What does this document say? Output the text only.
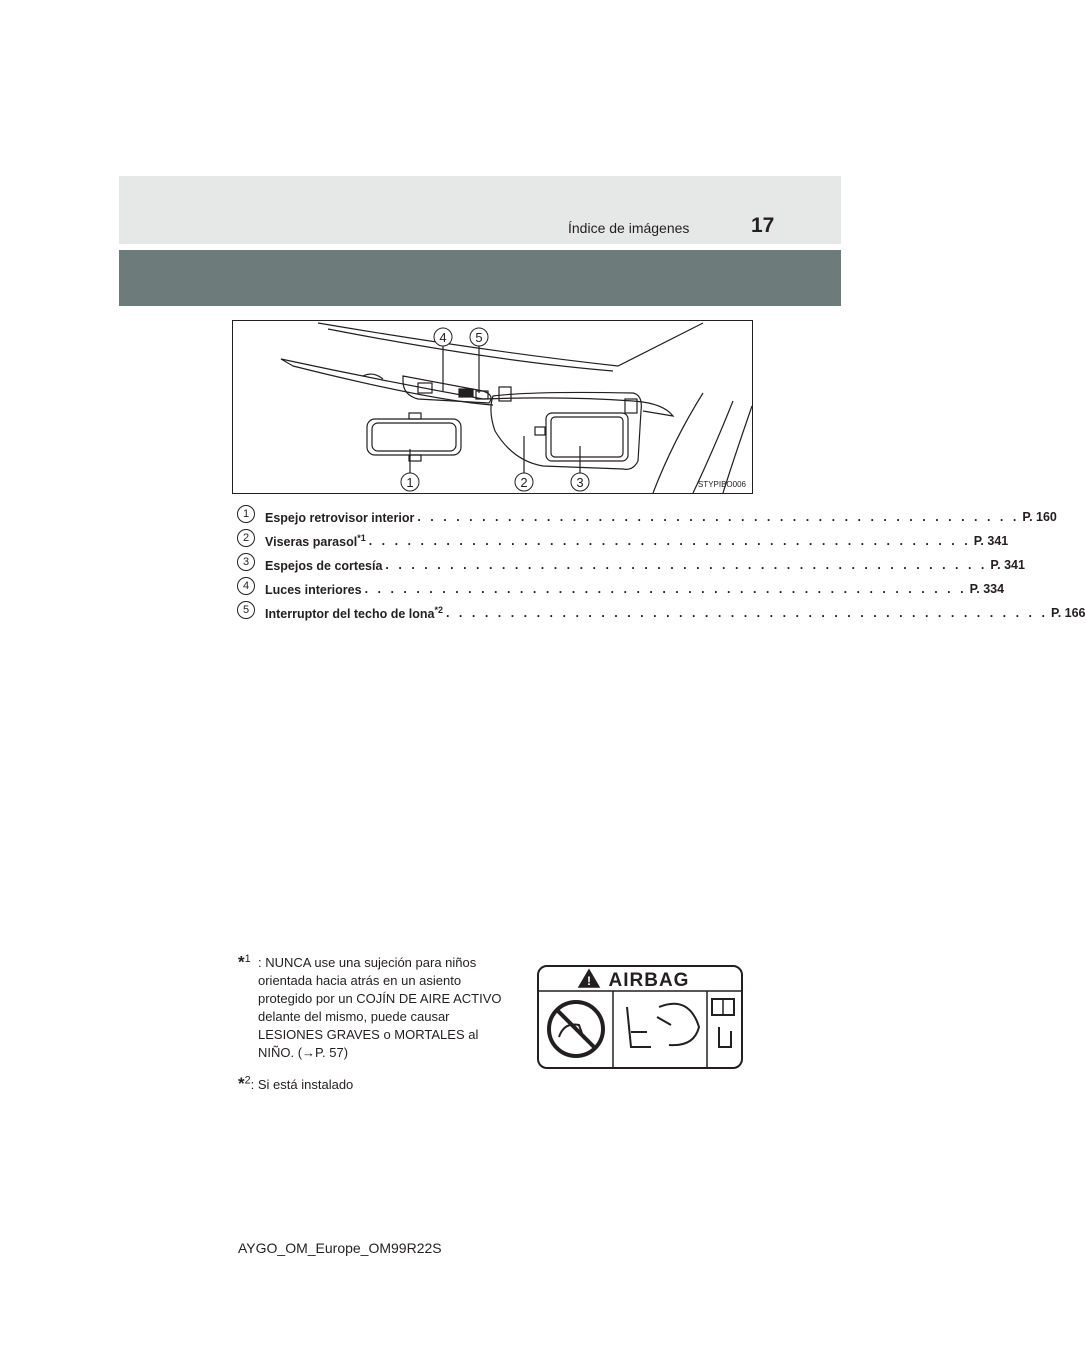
Índice de imágenes	17
4 5
1	2	3	STYPIBO006
1	Espejo retrovisor interior . . . . . . . . . . . . . . . . . . . . . . . . . . . . . . . . . . . . . . . . . . . . . . . P. 160
2	Viseras parasol$^{*1}$ . . . . . . . . . . . . . . . . . . . . . . . . . . . . . . . . . . . . . . . . . . . . . . . P. 341
3	Espejos de cortesía . . . . . . . . . . . . . . . . . . . . . . . . . . . . . . . . . . . . . . . . . . . . . . . P. 341
4	Luces interiores . . . . . . . . . . . . . . . . . . . . . . . . . . . . . . . . . . . . . . . . . . . . . . . P. 334
5	Interruptor del techo de lona$^{*2}$ . . . . . . . . . . . . . . . . . . . . . . . . . . . . . . . . . . . . . . . . . . . . . . . P. 166
*$^1$ : NUNCA use una sujeción para niños orientada hacia atrás en un asiento protegido por un COJÍN DE AIRE ACTIVO delante del mismo, puede causar LESIONES GRAVES o MORTALES al NIÑO. (→P. 57)
AIRBAG
!
*$^2$: Si está instalado
AYGO_OM_Europe_OM99R22S
